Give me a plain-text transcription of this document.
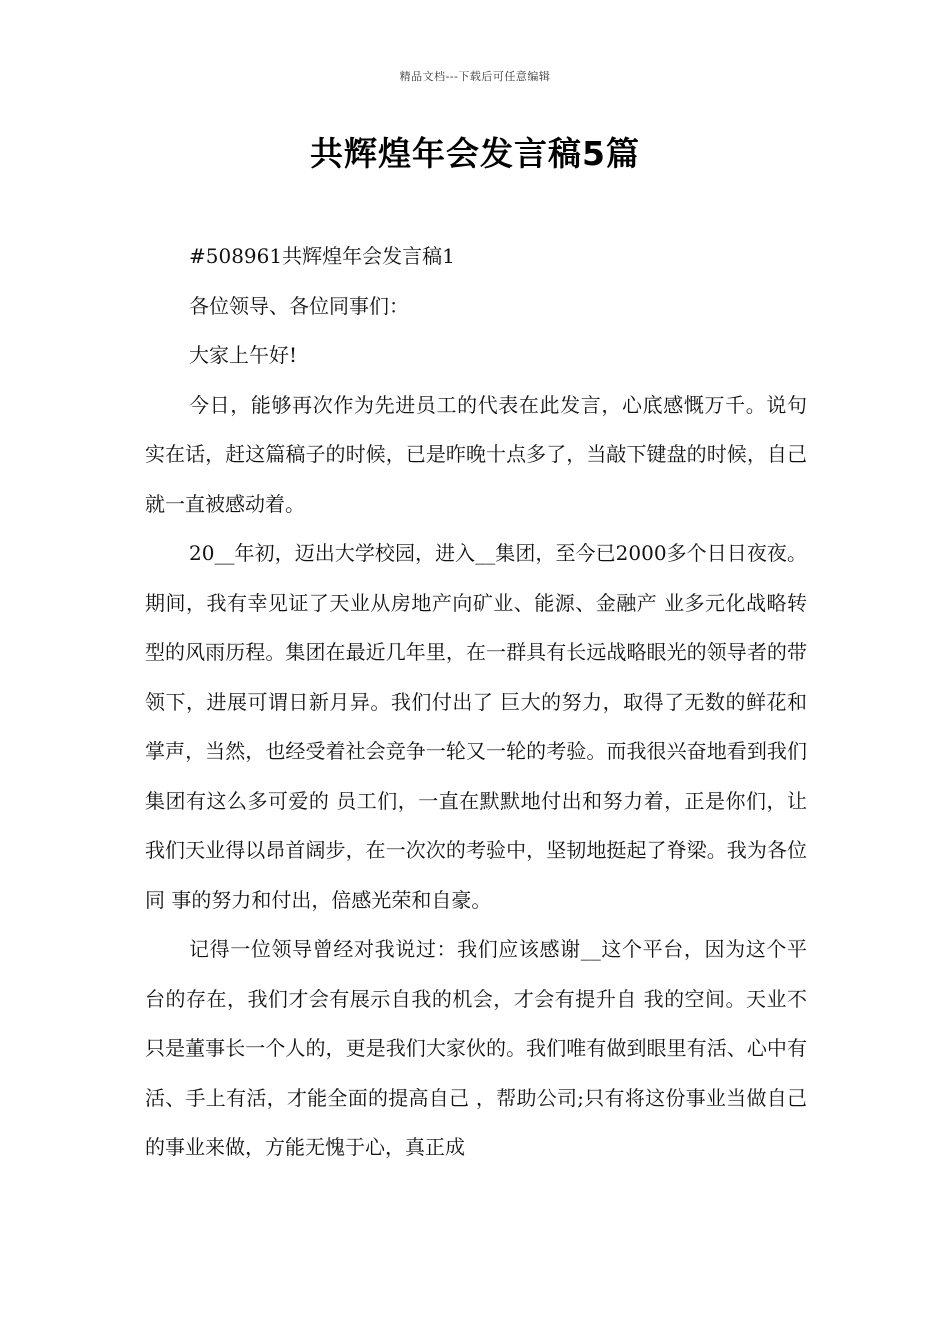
精品文档---下载后可任意编辑
共辉煌年会发言稿5篇

#508961共辉煌年会发言稿1

各位领导、各位同事们：

大家上午好!

今日，能够再次作为先进员工的代表在此发言，心底感慨万千。说句实在话，赶这篇稿子的时候，已是昨晚十点多了，当敲下键盘的时候，自己就一直被感动着。

20__年初，迈出大学校园，进入__集团，至今已2000多个日日夜夜。期间，我有幸见证了天业从房地产向矿业、能源、金融产 业多元化战略转型的风雨历程。集团在最近几年里，在一群具有长远战略眼光的领导者的带领下，进展可谓日新月异。我们付出了 巨大的努力，取得了无数的鲜花和掌声，当然，也经受着社会竞争一轮又一轮的考验。而我很兴奋地看到我们集团有这么多可爱的 员工们，一直在默默地付出和努力着，正是你们，让我们天业得以昂首阔步，在一次次的考验中，坚韧地挺起了脊梁。我为各位同 事的努力和付出，倍感光荣和自豪。

记得一位领导曾经对我说过：我们应该感谢__这个平台，因为这个平台的存在，我们才会有展示自我的机会，才会有提升自 我的空间。天业不只是董事长一个人的，更是我们大家伙的。我们唯有做到眼里有活、心中有活、手上有活，才能全面的提高自己 ，帮助公司;只有将这份事业当做自己的事业来做，方能无愧于心，真正成
